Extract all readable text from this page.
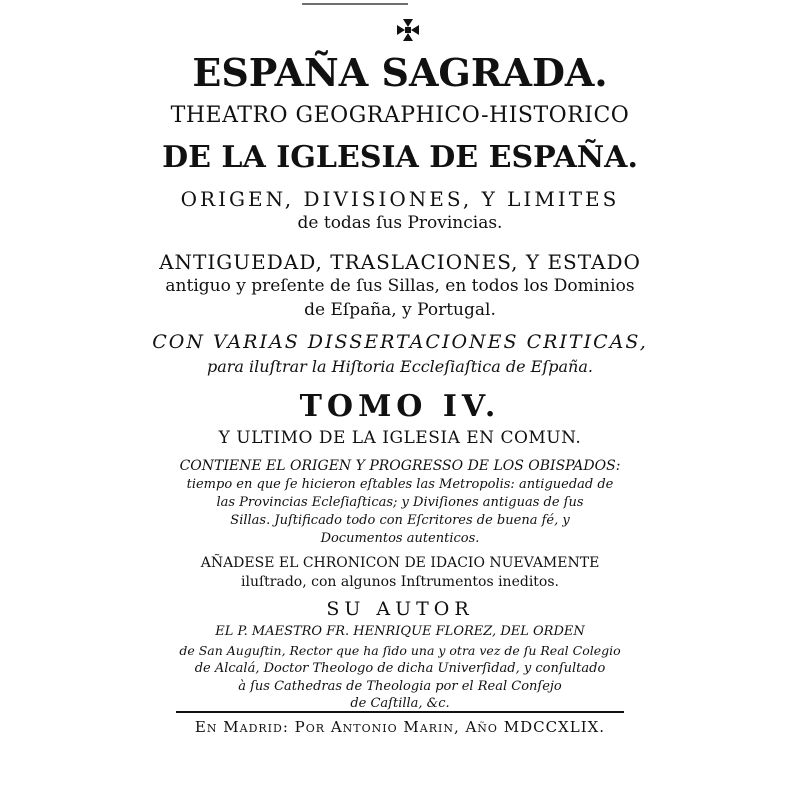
ESPAÑA SAGRADA.
THEATRO GEOGRAPHICO-HISTORICO
DE LA IGLESIA DE ESPAÑA.
ORIGEN, DIVISIONES, Y LIMITES
de todas ſus Provincias.
ANTIGUEDAD, TRASLACIONES, Y ESTADO
antiguo y preſente de ſus Sillas, en todos los Dominios
de Eſpaña, y Portugal.
CON VARIAS DISSERTACIONES CRITICAS,
para iluſtrar la Hiſtoria Eccleſiaſtica de Eſpaña.
TOMO IV.
Y ULTIMO DE LA IGLESIA EN COMUN.
CONTIENE EL ORIGEN Y PROGRESSO DE LOS OBISPADOS:
tiempo en que ſe hicieron eſtables las Metropolis: antiguedad de
las Provincias Ecleſiaſticas; y Diviſiones antiguas de ſus
Sillas. Juſtificado todo con Eſcritores de buena fé, y
Documentos autenticos.
AÑADESE EL CHRONICON DE IDACIO NUEVAMENTE
iluſtrado, con algunos Inſtrumentos ineditos.
SU AUTOR
EL P. MAESTRO FR. HENRIQUE FLOREZ, DEL ORDEN
de San Auguſtin, Rector que ha ſido una y otra vez de ſu Real Colegio
de Alcalá, Doctor Theologo de dicha Univerſidad, y conſultado
à ſus Cathedras de Theologia por el Real Conſejo
de Caſtilla, &c.
En Madrid: Por Antonio Marin, Año MDCCXLIX.
